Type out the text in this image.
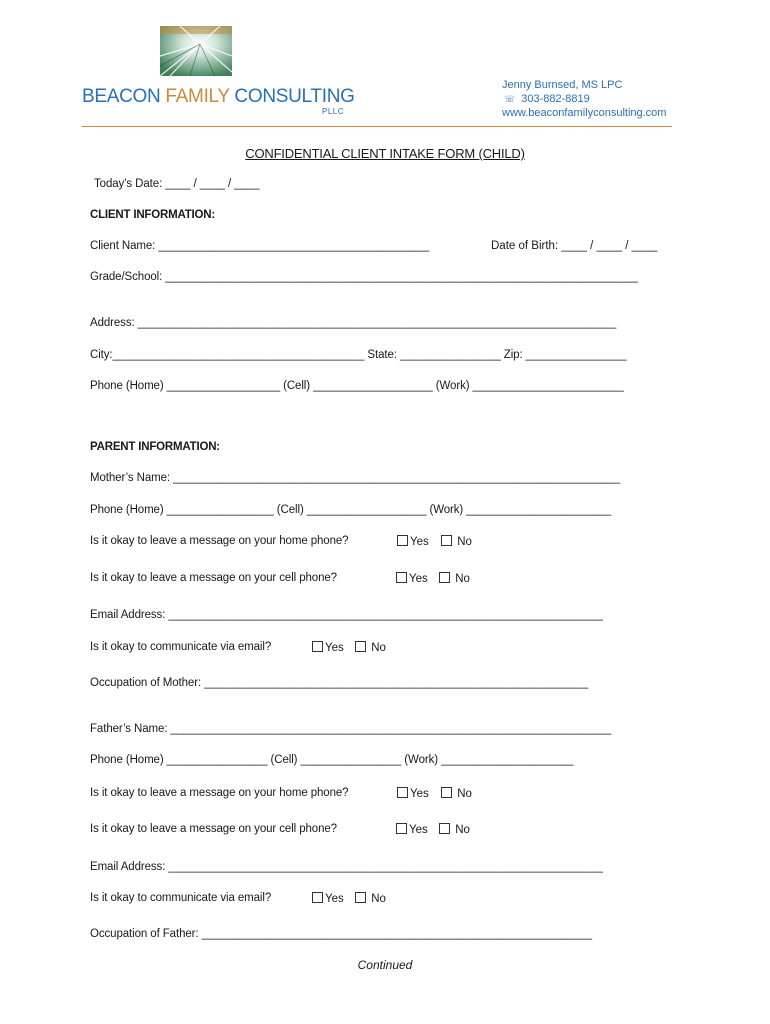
BEACON FAMILY CONSULTING
PLLC
Jenny Burnsed, MS LPC
☏ 303-882-8819
www.beaconfamilyconsulting.com
CONFIDENTIAL CLIENT INTAKE FORM (CHILD)
Today’s Date: ____ / ____ / ____
CLIENT INFORMATION:
Client Name: ___________________________________________	Date of Birth: ____ / ____ / ____
Grade/School: ___________________________________________________________________________
Address: ____________________________________________________________________________
City:________________________________________ State: ________________ Zip: ________________
Phone (Home) __________________ (Cell) ___________________ (Work) ________________________
PARENT INFORMATION:
Mother’s Name: _______________________________________________________________________
Phone (Home) _________________ (Cell) ___________________ (Work) _______________________
Is it okay to leave a message on your home phone?	Yes	No
Is it okay to leave a message on your cell phone?	Yes	No
Email Address: _____________________________________________________________________
Is it okay to communicate via email?	Yes	No
Occupation of Mother: _____________________________________________________________
Father’s Name: ______________________________________________________________________
Phone (Home) ________________ (Cell) ________________ (Work) _____________________
Is it okay to leave a message on your home phone?	Yes	No
Is it okay to leave a message on your cell phone?	Yes	No
Email Address: _____________________________________________________________________
Is it okay to communicate via email?	Yes	No
Occupation of Father: ______________________________________________________________
Continued
